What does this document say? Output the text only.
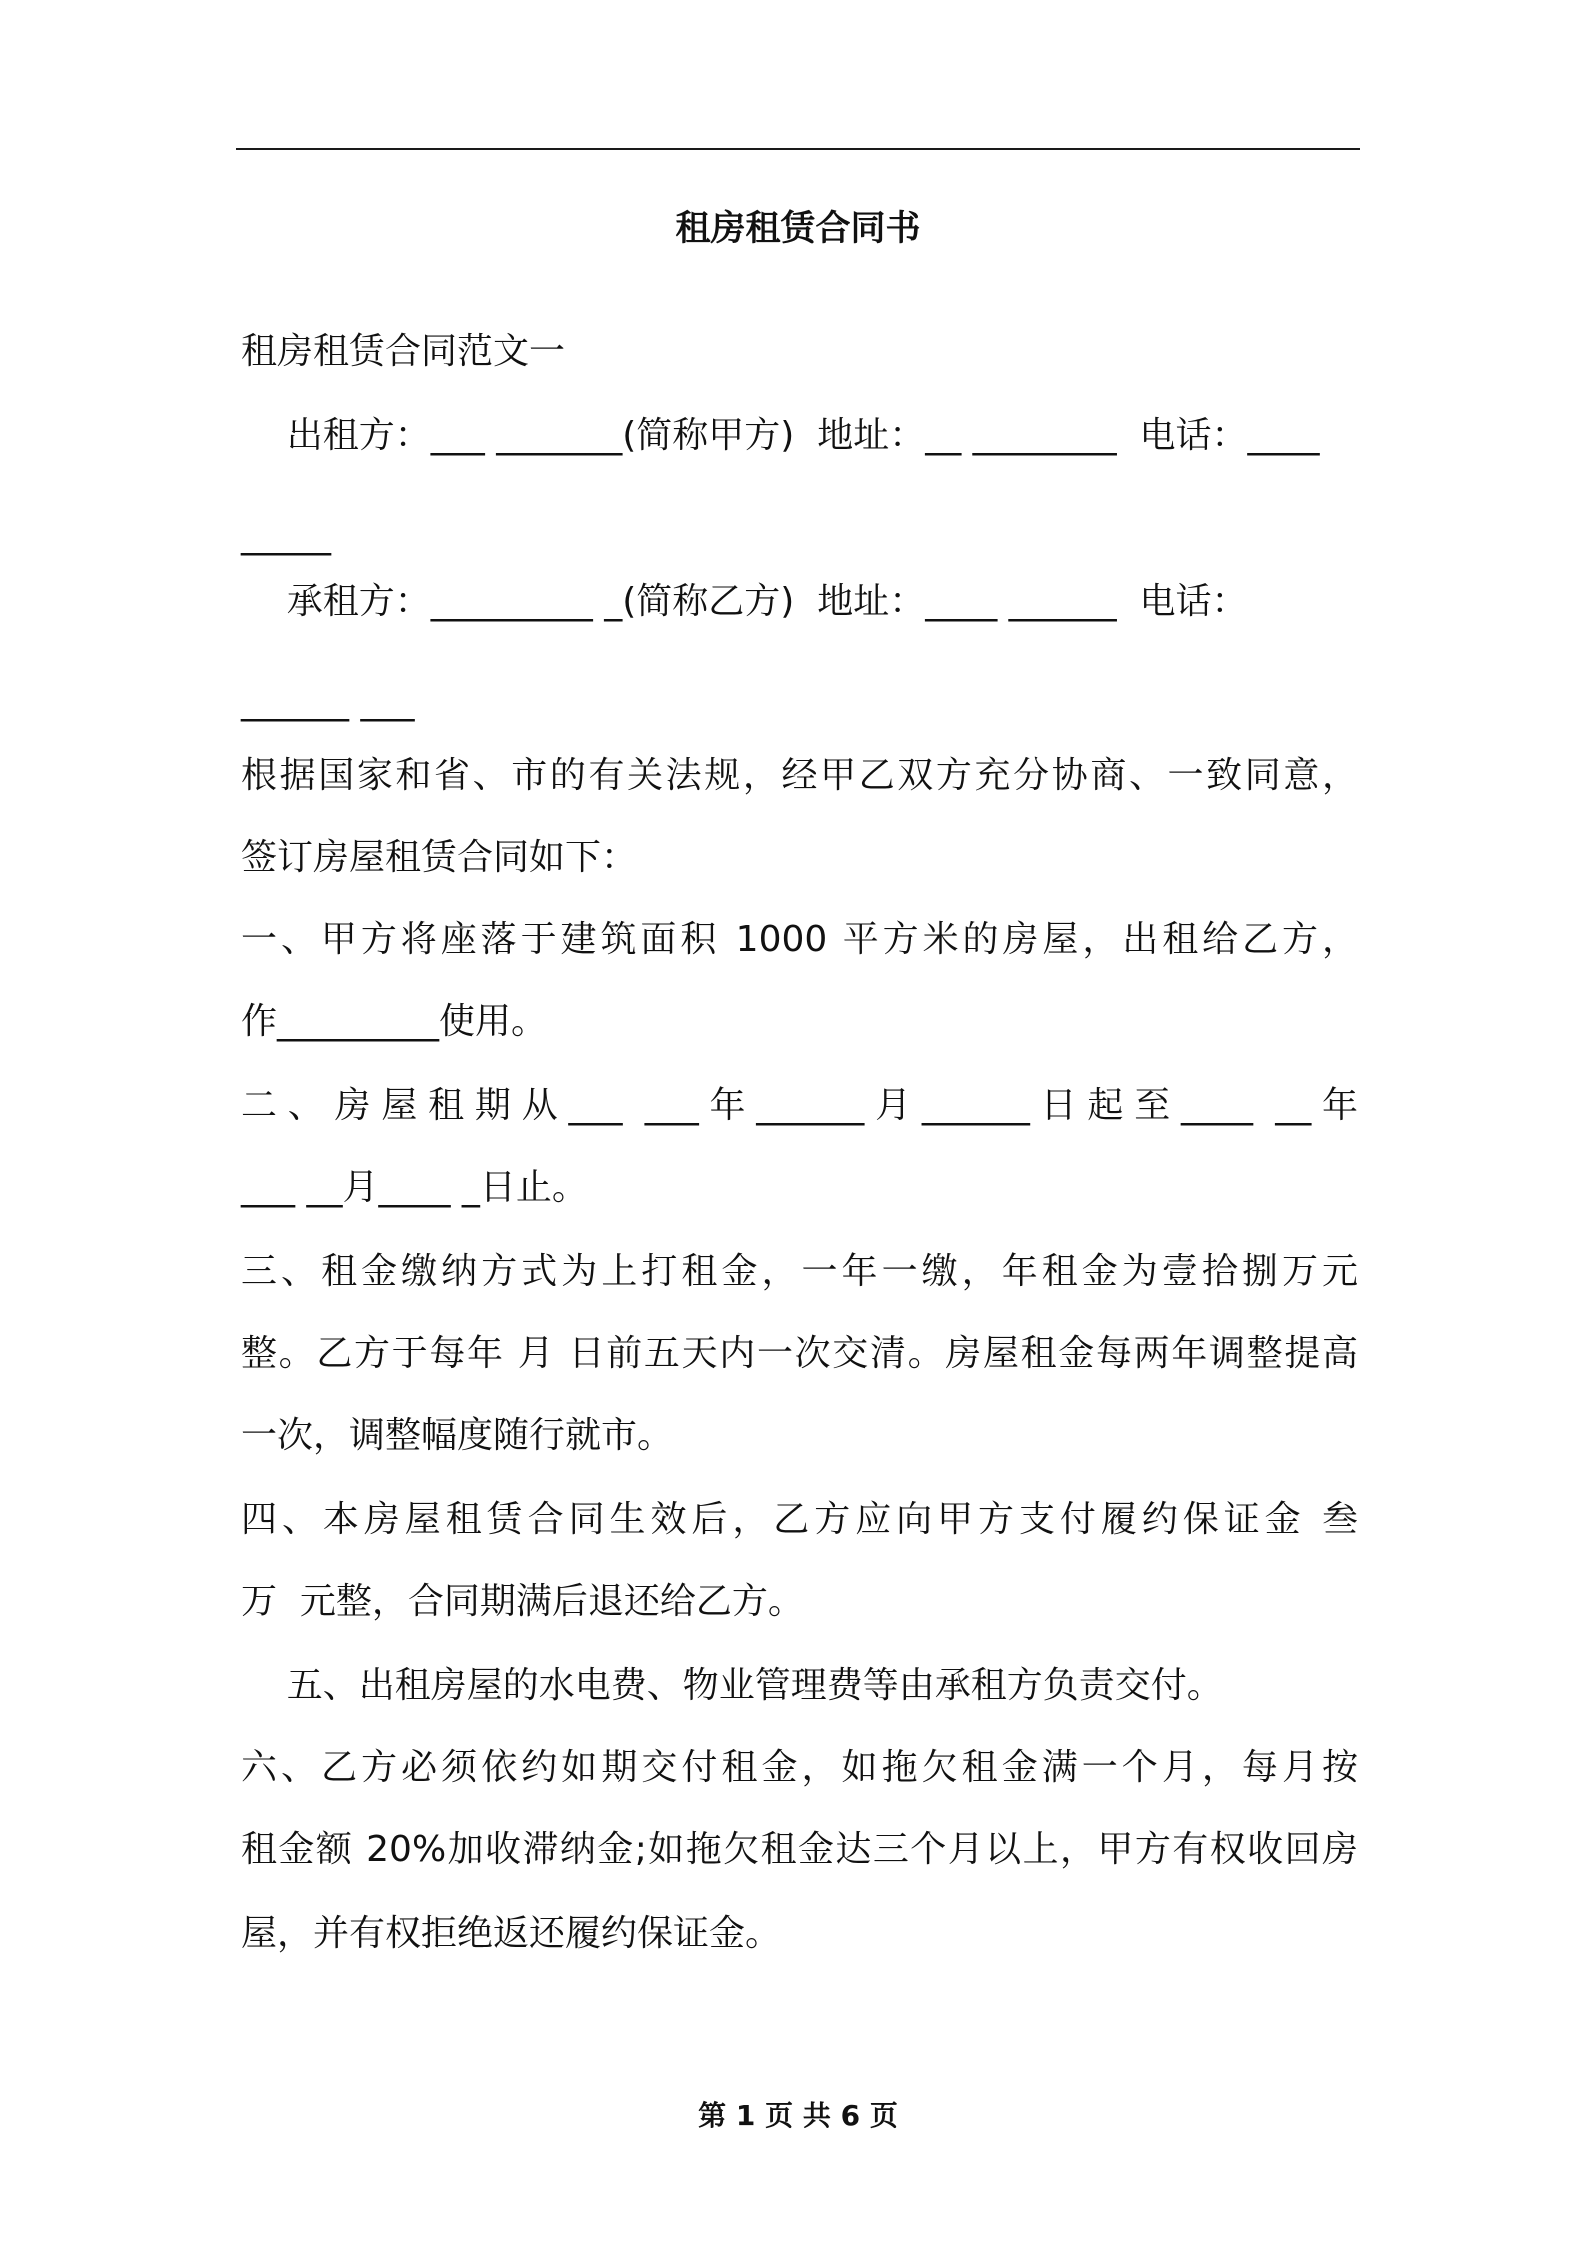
租房租赁合同书

租房租赁合同范文一

出租方：___ _______(简称甲方)  地址：__ ________  电话：____

_____

承租方：_________ _(简称乙方)  地址：____ ______  电话：

______ ___

根据国家和省、市的有关法规，经甲乙双方充分协商、一致同意，

签订房屋租赁合同如下：

一、甲方将座落于建筑面积 1000 平方米的房屋，出租给乙方，

作_________使用。

二、房屋租期从___ ___年______月______日起至____ __年

___ __月____ _日止。

三、租金缴纳方式为上打租金，一年一缴，年租金为壹拾捌万元

整。乙方于每年 月 日前五天内一次交清。房屋租金每两年调整提高

一次，调整幅度随行就市。

四、本房屋租赁合同生效后，乙方应向甲方支付履约保证金 叁

万  元整，合同期满后退还给乙方。

五、出租房屋的水电费、物业管理费等由承租方负责交付。

六、乙方必须依约如期交付租金，如拖欠租金满一个月，每月按

租金额 20%加收滞纳金;如拖欠租金达三个月以上，甲方有权收回房

屋，并有权拒绝返还履约保证金。

第 1 页 共 6 页
